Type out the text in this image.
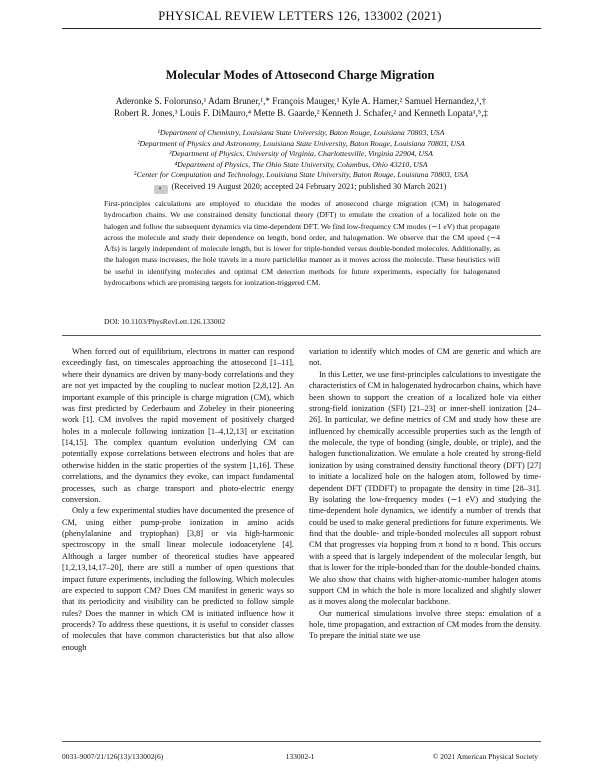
PHYSICAL REVIEW LETTERS 126, 133002 (2021)
Molecular Modes of Attosecond Charge Migration
Aderonke S. Folorunso,¹ Adam Bruner,¹,* François Mauger,¹ Kyle A. Hamer,² Samuel Hernandez,¹,†
Robert R. Jones,³ Louis F. DiMauro,⁴ Mette B. Gaarde,² Kenneth J. Schafer,² and Kenneth Lopata¹,⁵,‡
¹Department of Chemistry, Louisiana State University, Baton Rouge, Louisiana 70803, USA
²Department of Physics and Astronomy, Louisiana State University, Baton Rouge, Louisiana 70803, USA
³Department of Physics, University of Virginia, Charlottesville, Virginia 22904, USA
⁴Department of Physics, The Ohio State University, Columbus, Ohio 43210, USA
⁵Center for Computation and Technology, Louisiana State University, Baton Rouge, Louisiana 70803, USA
◐ (Received 19 August 2020; accepted 24 February 2021; published 30 March 2021)
First-principles calculations are employed to elucidate the modes of attosecond charge migration (CM) in halogenated hydrocarbon chains. We use constrained density functional theory (DFT) to emulate the creation of a localized hole on the halogen and follow the subsequent dynamics via time-dependent DFT. We find low-frequency CM modes (∼1 eV) that propagate across the molecule and study their dependence on length, bond order, and halogenation. We observe that the CM speed (∼4 Å/fs) is largely independent of molecule length, but is lower for triple-bonded versus double-bonded molecules. Additionally, as the halogen mass increases, the hole travels in a more particlelike manner as it moves across the molecule. These heuristics will be useful in identifying molecules and optimal CM detection methods for future experiments, especially for halogenated hydrocarbons which are promising targets for ionization-triggered CM.
DOI: 10.1103/PhysRevLett.126.133002

When forced out of equilibrium, electrons in matter can respond exceedingly fast, on timescales approaching the attosecond [1–11], where their dynamics are driven by many-body correlations and they are not yet impacted by the coupling to nuclear motion [2,8,12]. An important example of this principle is charge migration (CM), which was first predicted by Cederbaum and Zobeley in their pioneering work [1]. CM involves the rapid movement of positively charged holes in a molecule following ionization [1–4,12,13] or excitation [14,15]. The complex quantum evolution underlying CM can potentially expose correlations between electrons and holes that are otherwise hidden in the static properties of the system [1,16]. These correlations, and the dynamics they evoke, can impact fundamental processes, such as charge transport and photo-electric energy conversion.

Only a few experimental studies have documented the presence of CM, using either pump-probe ionization in amino acids (phenylalanine and tryptophan) [3,8] or via high-harmonic spectroscopy in the small linear molecule iodoacetylene [4]. Although a larger number of theoretical studies have appeared [1,2,13,14,17–20], there are still a number of open questions that impact future experiments, including the following. Which molecules are expected to support CM? Does CM manifest in generic ways so that its periodicity and visibility can be predicted to follow simple rules? Does the manner in which CM is initiated influence how it proceeds? To address these questions, it is useful to consider classes of molecules that have common characteristics but that also allow enough

variation to identify which modes of CM are generic and which are not.

In this Letter, we use first-principles calculations to investigate the characteristics of CM in halogenated hydrocarbon chains, which have been shown to support the creation of a localized hole via either strong-field ionization (SFI) [21–23] or inner-shell ionization [24–26]. In particular, we define metrics of CM and study how these are influenced by chemically accessible properties such as the length of the molecule, the type of bonding (single, double, or triple), and the halogen functionalization. We emulate a hole created by strong-field ionization by using constrained density functional theory (DFT) [27] to initiate a localized hole on the halogen atom, followed by time-dependent DFT (TDDFT) to propagate the density in time [28–31]. By isolating the low-frequency modes (∼1 eV) and studying the time-dependent hole dynamics, we identify a number of trends that could be used to make general predictions for future experiments. We find that the double- and triple-bonded molecules all support robust CM that progresses via hopping from π bond to π bond. This occurs with a speed that is largely independent of the molecular length, but that is lower for the triple-bonded than for the double-bonded chains. We also show that chains with higher-atomic-number halogen atoms support CM in which the hole is more localized and slightly slower as it moves along the molecular backbone.

Our numerical simulations involve three steps: emulation of a hole, time propagation, and extraction of CM modes from the density. To prepare the initial state we use

0031-9007/21/126(13)/133002(6)	133002-1	© 2021 American Physical Society
